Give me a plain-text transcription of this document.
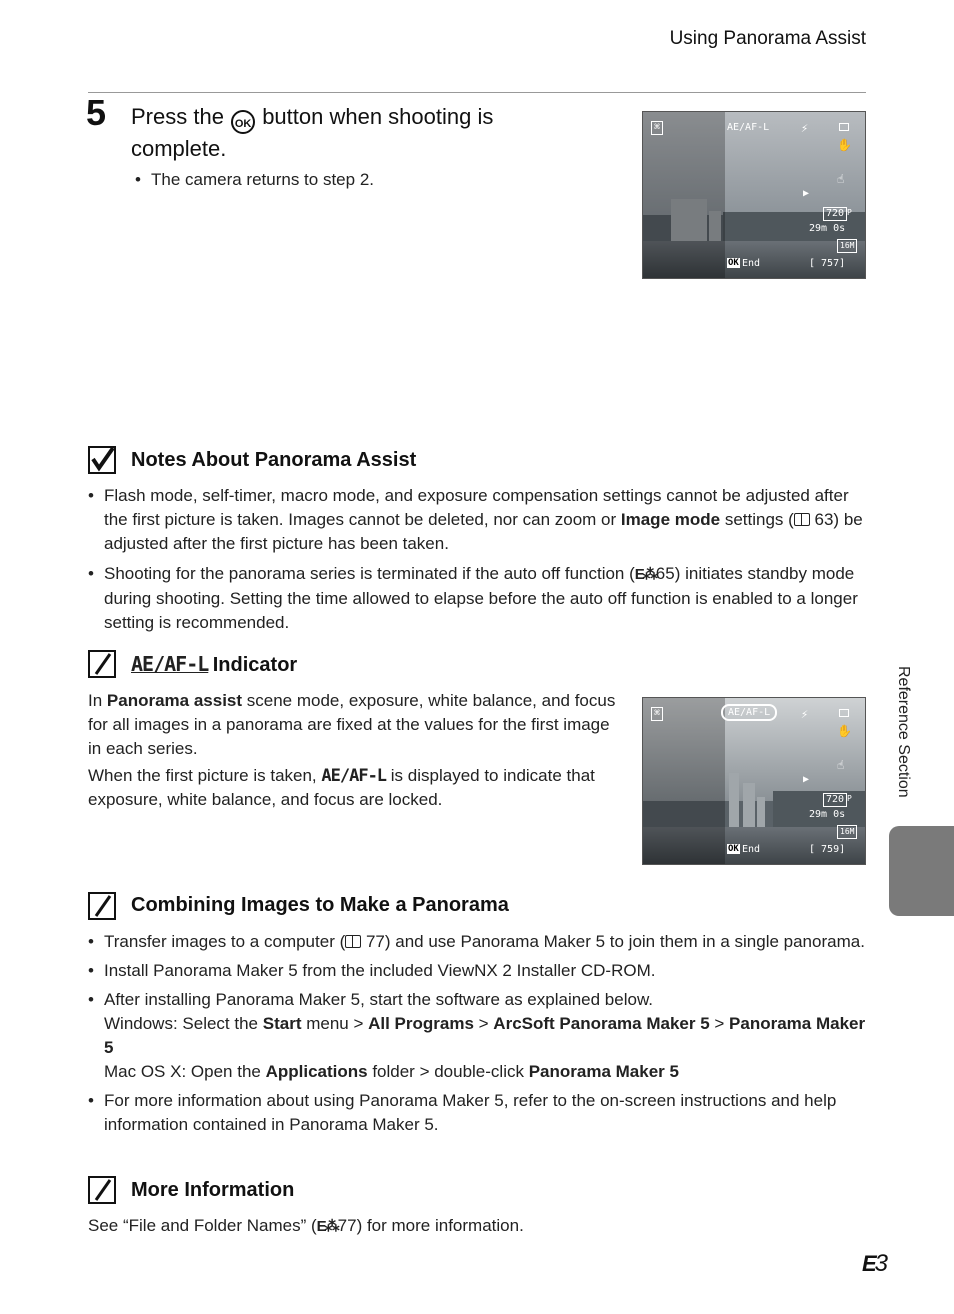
Using Panorama Assist
5 Press the OK button when shooting is complete.
• The camera returns to step 2.
⌘	AE/AF-L	⚡
✋
☝
▶
720 P
29m 0s
16M
OK End	[ 757]
Notes About Panorama Assist
• Flash mode, self-timer, macro mode, and exposure compensation settings cannot be adjusted after the first picture is taken. Images cannot be deleted, nor can zoom or Image mode settings ( 63) be adjusted after the first picture has been taken.
• Shooting for the panorama series is terminated if the auto off function (E⁂65) initiates standby mode during shooting. Setting the time allowed to elapse before the auto off function is enabled to a longer setting is recommended.
AE/AF-L Indicator
In Panorama assist scene mode, exposure, white balance, and focus for all images in a panorama are fixed at the values for the first image in each series.
When the first picture is taken, AE/AF-L is displayed to indicate that exposure, white balance, and focus are locked.
⌘	AE/AF-L	⚡
✋
☝
▶
720 P
29m 0s
16M
OK End	[ 759]
Combining Images to Make a Panorama
• Transfer images to a computer ( 77) and use Panorama Maker 5 to join them in a single panorama.
• Install Panorama Maker 5 from the included ViewNX 2 Installer CD-ROM.
• After installing Panorama Maker 5, start the software as explained below.
Windows: Select the Start menu > All Programs > ArcSoft Panorama Maker 5 > Panorama Maker 5
Mac OS X: Open the Applications folder > double-click Panorama Maker 5
• For more information about using Panorama Maker 5, refer to the on-screen instructions and help information contained in Panorama Maker 5.
More Information
See “File and Folder Names” (E⁂77) for more information.
Reference Section
E3
